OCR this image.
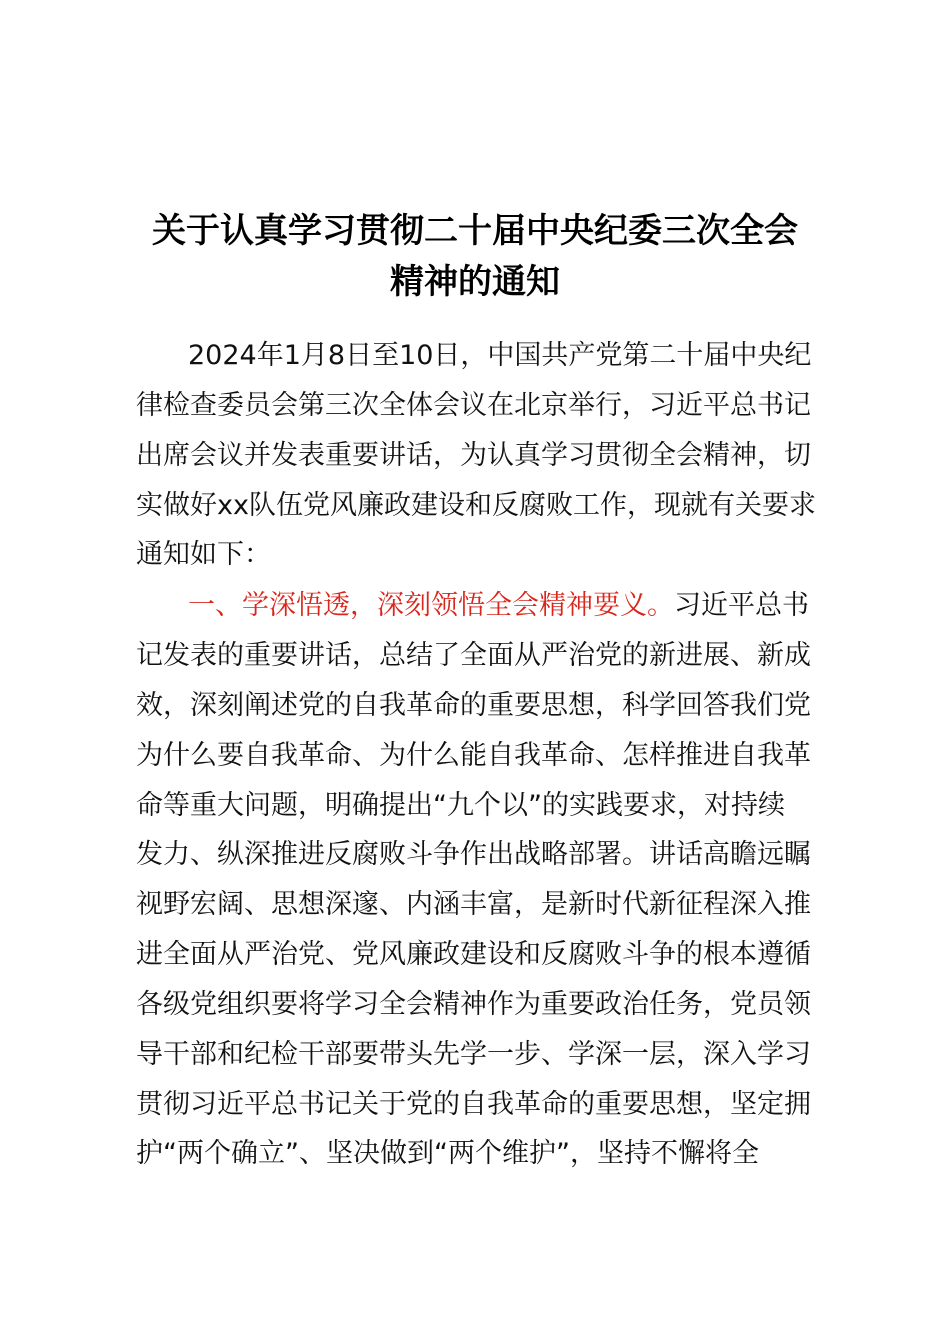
关于认真学习贯彻二十届中央纪委三次全会
精神的通知
2024年1月8日至10日，中国共产党第二十届中央纪
律检查委员会第三次全体会议在北京举行，习近平总书记
出席会议并发表重要讲话，为认真学习贯彻全会精神，切
实做好xx队伍党风廉政建设和反腐败工作，现就有关要求
通知如下：
一、学深悟透，深刻领悟全会精神要义。习近平总书
记发表的重要讲话，总结了全面从严治党的新进展、新成
效，深刻阐述党的自我革命的重要思想，科学回答我们党
为什么要自我革命、为什么能自我革命、怎样推进自我革
命等重大问题，明确提出“九个以”的实践要求，对持续
发力、纵深推进反腐败斗争作出战略部署。讲话高瞻远瞩
视野宏阔、思想深邃、内涵丰富，是新时代新征程深入推
进全面从严治党、党风廉政建设和反腐败斗争的根本遵循
各级党组织要将学习全会精神作为重要政治任务，党员领
导干部和纪检干部要带头先学一步、学深一层，深入学习
贯彻习近平总书记关于党的自我革命的重要思想，坚定拥
护“两个确立”、坚决做到“两个维护”，坚持不懈将全
